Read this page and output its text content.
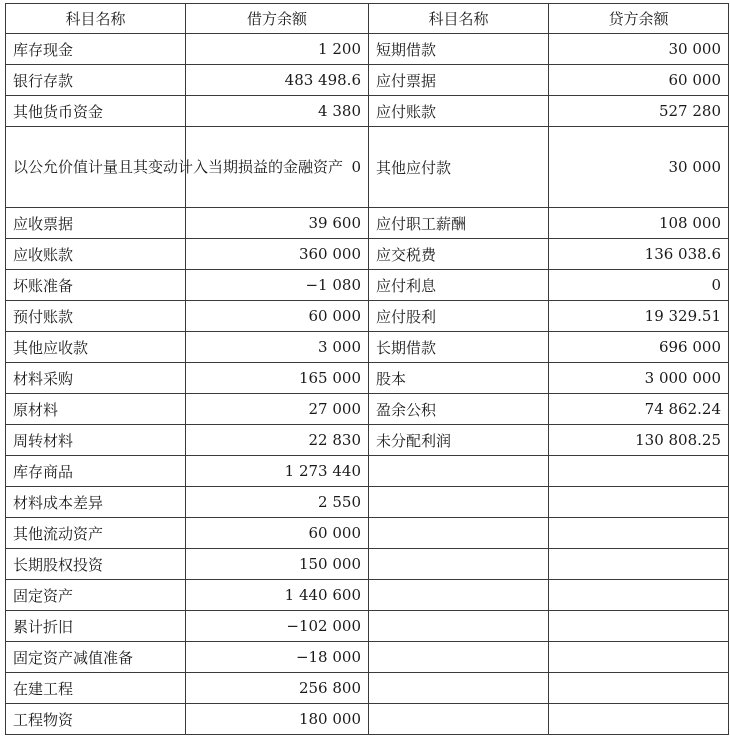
科目名称	借方余额	科目名称	贷方余额
库存现金	1 200	短期借款	30 000
银行存款	483 498.6	应付票据	60 000
其他货币资金	4 380	应付账款	527 280
以公允价值计量且其变动计入当期损益的金融资产	0	其他应付款	30 000
应收票据	39 600	应付职工薪酬	108 000
应收账款	360 000	应交税费	136 038.6
坏账准备	−1 080	应付利息	0
预付账款	60 000	应付股利	19 329.51
其他应收款	3 000	长期借款	696 000
材料采购	165 000	股本	3 000 000
原材料	27 000	盈余公积	74 862.24
周转材料	22 830	未分配利润	130 808.25
库存商品	1 273 440		
材料成本差异	2 550		
其他流动资产	60 000		
长期股权投资	150 000		
固定资产	1 440 600		
累计折旧	−102 000		
固定资产减值准备	−18 000		
在建工程	256 800		
工程物资	180 000		
